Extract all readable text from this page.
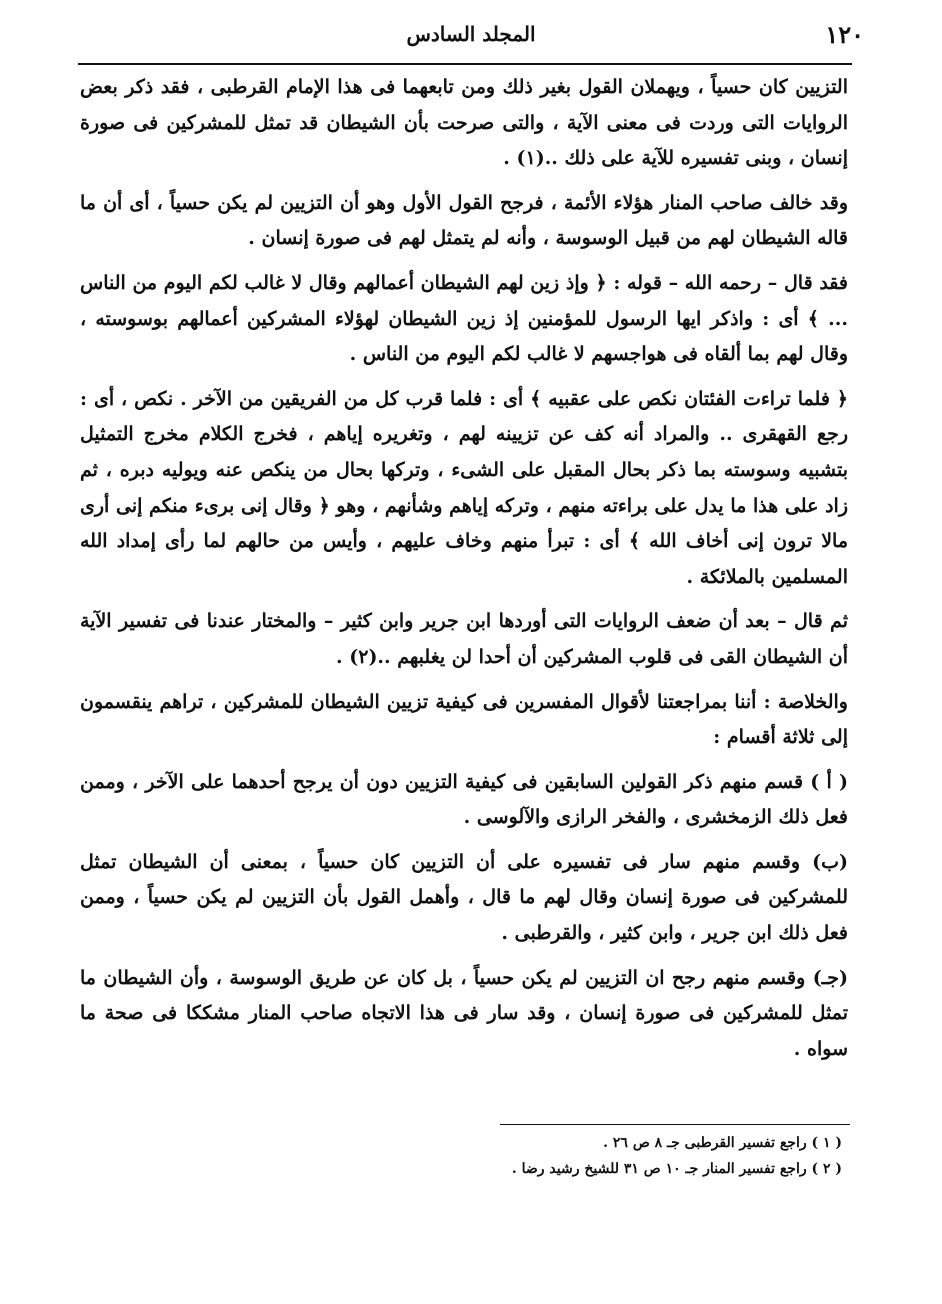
١٢٠
المجلد السادس

التزيين كان حسياً ، ويهملان القول بغير ذلك ومن تابعهما فى هذا الإمام القرطبى ، فقد ذكر بعض الروايات التى وردت فى معنى الآية ، والتى صرحت بأن الشيطان قد تمثل للمشركين فى صورة إنسان ، وبنى تفسيره للآية على ذلك ..(١) .

وقد خالف صاحب المنار هؤلاء الأئمة ، فرجح القول الأول وهو أن التزيين لم يكن حسياً ، أى أن ما قاله الشيطان لهم من قبيل الوسوسة ، وأنه لم يتمثل لهم فى صورة إنسان .

فقد قال – رحمه الله – قوله : ﴿ وإذ زين لهم الشيطان أعمالهم وقال لا غالب لكم اليوم من الناس ... ﴾ أى : واذكر ايها الرسول للمؤمنين إذ زين الشيطان لهؤلاء المشركين أعمالهم بوسوسته ، وقال لهم بما ألقاه فى هواجسهم لا غالب لكم اليوم من الناس .

﴿ فلما تراءت الفئتان نكص على عقبيه ﴾ أى : فلما قرب كل من الفريقين من الآخر . نكص ، أى : رجع القهقرى .. والمراد أنه كف عن تزيينه لهم ، وتغريره إياهم ، فخرج الكلام مخرج التمثيل بتشبيه وسوسته بما ذكر بحال المقبل على الشىء ، وتركها بحال من ينكص عنه ويوليه دبره ، ثم زاد على هذا ما يدل على براءته منهم ، وتركه إياهم وشأنهم ، وهو ﴿ وقال إنى برىء منكم إنى أرى مالا ترون إنى أخاف الله ﴾ أى : تبرأ منهم وخاف عليهم ، وأيس من حالهم لما رأى إمداد الله المسلمين بالملائكة .

ثم قال – بعد أن ضعف الروايات التى أوردها ابن جرير وابن كثير – والمختار عندنا فى تفسير الآية أن الشيطان القى فى قلوب المشركين أن أحدا لن يغلبهم ..(٢) .

والخلاصة : أننا بمراجعتنا لأقوال المفسرين فى كيفية تزيين الشيطان للمشركين ، تراهم ينقسمون إلى ثلاثة أقسام :

( أ ) قسم منهم ذكر القولين السابقين فى كيفية التزيين دون أن يرجح أحدهما على الآخر ، وممن فعل ذلك الزمخشرى ، والفخر الرازى والآلوسى .

(ب) وقسم منهم سار فى تفسيره على أن التزيين كان حسياً ، بمعنى أن الشيطان تمثل للمشركين فى صورة إنسان وقال لهم ما قال ، وأهمل القول بأن التزيين لم يكن حسياً ، وممن فعل ذلك ابن جرير ، وابن كثير ، والقرطبى .

(جـ) وقسم منهم رجح ان التزيين لم يكن حسياً ، بل كان عن طريق الوسوسة ، وأن الشيطان ما تمثل للمشركين فى صورة إنسان ، وقد سار فى هذا الاتجاه صاحب المنار مشككا فى صحة ما سواه .

( ١ ) راجع تفسير القرطبى جـ ٨ ص ٢٦ .

( ٢ ) راجع تفسير المنار جـ ١٠ ص ٣١ للشيخ رشيد رضا .
